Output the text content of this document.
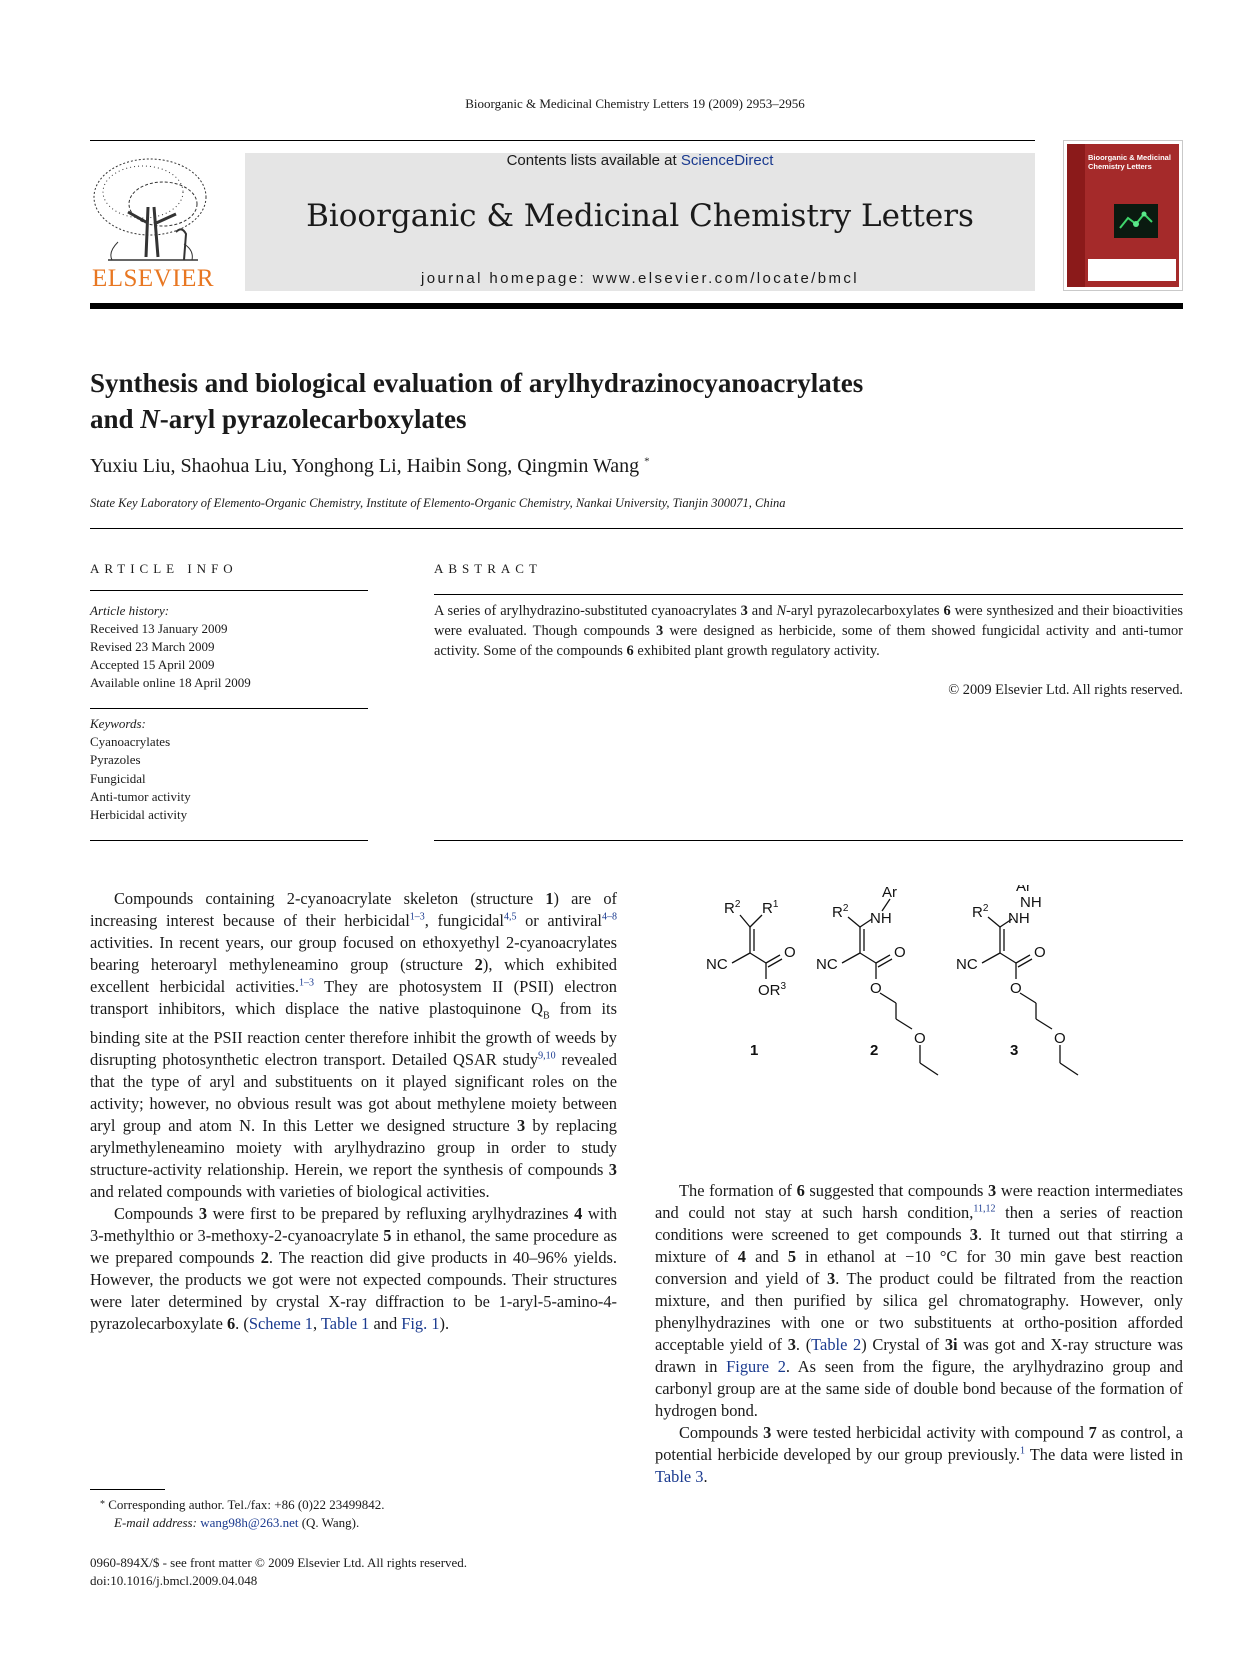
Bioorganic & Medicinal Chemistry Letters 19 (2009) 2953–2956
ELSEVIER
Contents lists available at ScienceDirect
Bioorganic & Medicinal Chemistry Letters
journal homepage: www.elsevier.com/locate/bmcl
Bioorganic & Medicinal
Chemistry Letters
Synthesis and biological evaluation of arylhydrazinocyanoacrylates
and N-aryl pyrazolecarboxylates
Yuxiu Liu, Shaohua Liu, Yonghong Li, Haibin Song, Qingmin Wang *
State Key Laboratory of Elemento-Organic Chemistry, Institute of Elemento-Organic Chemistry, Nankai University, Tianjin 300071, China
ARTICLE INFO
Article history:
Received 13 January 2009
Revised 23 March 2009
Accepted 15 April 2009
Available online 18 April 2009
Keywords:
Cyanoacrylates
Pyrazoles
Fungicidal
Anti-tumor activity
Herbicidal activity
ABSTRACT
A series of arylhydrazino-substituted cyanoacrylates 3 and N-aryl pyrazolecarboxylates 6 were synthesized and their bioactivities were evaluated. Though compounds 3 were designed as herbicide, some of them showed fungicidal activity and anti-tumor activity. Some of the compounds 6 exhibited plant growth regulatory activity.
© 2009 Elsevier Ltd. All rights reserved.

Compounds containing 2-cyanoacrylate skeleton (structure 1) are of increasing interest because of their herbicidal$^{1-3}$, fungicidal$^{4,5}$ or antiviral$^{4-8}$ activities. In recent years, our group focused on ethoxyethyl 2-cyanoacrylates bearing heteroaryl methyleneamino group (structure 2), which exhibited excellent herbicidal activities.$^{1-3}$ They are photosystem II (PSII) electron transport inhibitors, which displace the native plastoquinone $Q_B$ from its binding site at the PSII reaction center therefore inhibit the growth of weeds by disrupting photosynthetic electron transport. Detailed QSAR study$^{9,10}$ revealed that the type of aryl and substituents on it played significant roles on the activity; however, no obvious result was got about methylene moiety between aryl group and atom N. In this Letter we designed structure 3 by replacing arylmethyleneamino moiety with arylhydrazino group in order to study structure-activity relationship. Herein, we report the synthesis of compounds 3 and related compounds with varieties of biological activities.

Compounds 3 were first to be prepared by refluxing arylhydrazines 4 with 3-methylthio or 3-methoxy-2-cyanoacrylate 5 in ethanol, the same procedure as we prepared compounds 2. The reaction did give products in 40–96% yields. However, the products we got were not expected compounds. Their structures were later determined by crystal X-ray diffraction to be 1-aryl-5-amino-4-pyrazolecarboxylate 6. (Scheme 1, Table 1 and Fig. 1).

$R^2$ $R^1$
NC
O
$OR^3$
1
$R^2$
NH
Ar
NC
O
O
O
2
$R^2$
NH
NH
Ar
NC
O
O
O
3

The formation of 6 suggested that compounds 3 were reaction intermediates and could not stay at such harsh condition,$^{11,12}$ then a series of reaction conditions were screened to get compounds 3. It turned out that stirring a mixture of 4 and 5 in ethanol at −10 °C for 30 min gave best reaction conversion and yield of 3. The product could be filtrated from the reaction mixture, and then purified by silica gel chromatography. However, only phenylhydrazines with one or two substituents at ortho-position afforded acceptable yield of 3. (Table 2) Crystal of 3i was got and X-ray structure was drawn in Figure 2. As seen from the figure, the arylhydrazino group and carbonyl group are at the same side of double bond because of the formation of hydrogen bond.

Compounds 3 were tested herbicidal activity with compound 7 as control, a potential herbicide developed by our group previously.$^1$ The data were listed in Table 3.

* Corresponding author. Tel./fax: +86 (0)22 23499842.
E-mail address: wang98h@263.net (Q. Wang).
0960-894X/$ - see front matter © 2009 Elsevier Ltd. All rights reserved.
doi:10.1016/j.bmcl.2009.04.048
